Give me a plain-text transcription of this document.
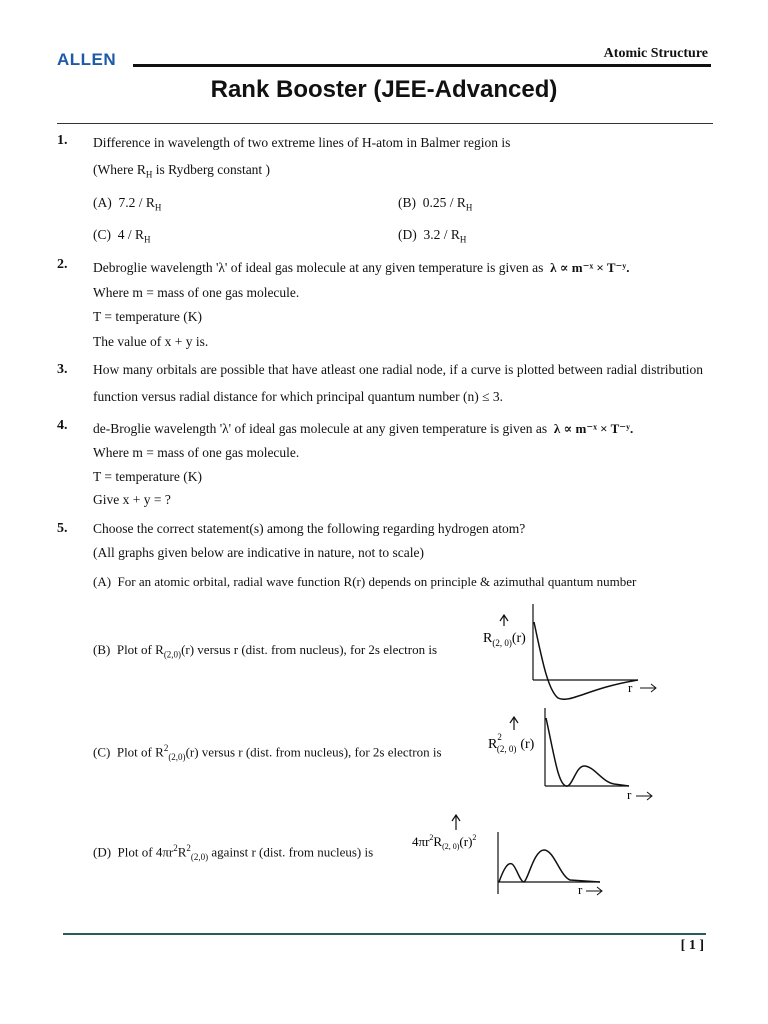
ALLEN	Atomic Structure
Rank Booster (JEE-Advanced)
1. Difference in wavelength of two extreme lines of H-atom in Balmer region is
(Where $R_H$ is Rydberg constant )
(A) $7.2 / R_H$	(B) $0.25 / R_H$
(C) $4 / R_H$	(D) $3.2 / R_H$
2. Debroglie wavelength 'λ' of ideal gas molecule at any given temperature is given as λ ∝ m⁻ˣ × T⁻ʸ.
Where m = mass of one gas molecule.
T = temperature (K)
The value of x + y is.
3. How many orbitals are possible that have atleast one radial node, if a curve is plotted between radial distribution function versus radial distance for which principal quantum number (n) ≤ 3.
4. de-Broglie wavelength 'λ' of ideal gas molecule at any given temperature is given as λ ∝ m⁻ˣ × T⁻ʸ.
Where m = mass of one gas molecule.
T = temperature (K)
Give x + y = ?
5. Choose the correct statement(s) among the following regarding hydrogen atom?
(All graphs given below are indicative in nature, not to scale)
(A) For an atomic orbital, radial wave function R(r) depends on principle & azimuthal quantum number
(B) Plot of $R_{(2,0)}(r)$ versus r (dist. from nucleus), for 2s electron is
$R_{(2, 0)}(r)$
r
(C) Plot of $R^2_{(2,0)}(r)$ versus r (dist. from nucleus), for 2s electron is	$R^2$ (2, 0) (r)
r
(D) Plot of $4\pi r^2R^2_{(2,0)}$ against r (dist. from nucleus) is
$4\pi r^2R_{(2, 0)}(r)^2$
r
[ 1 ]
